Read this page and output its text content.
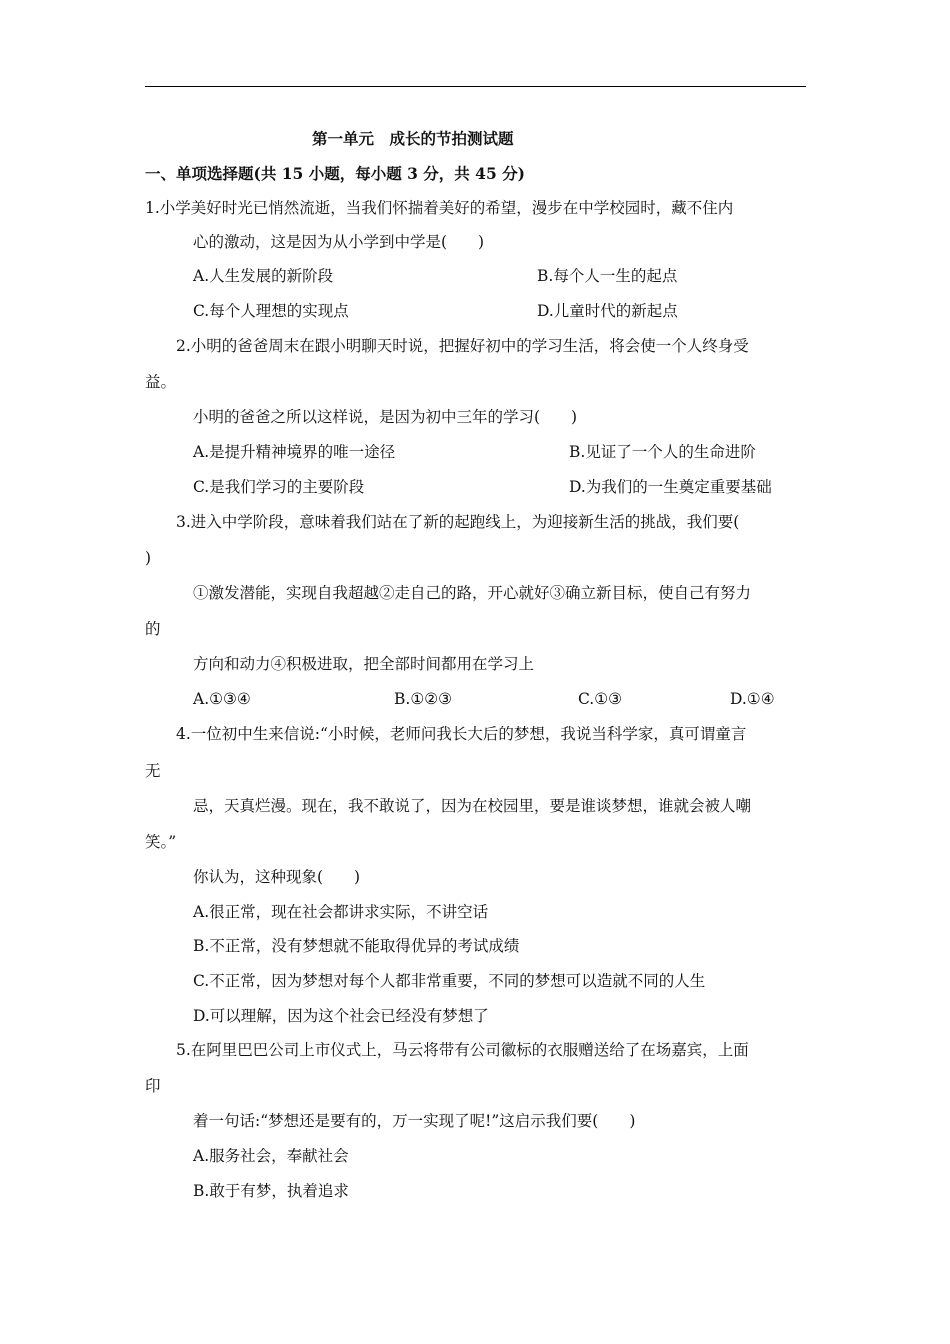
第一单元　成长的节拍测试题
一、单项选择题(共 15 小题，每小题 3 分，共 45 分)
1.小学美好时光已悄然流逝，当我们怀揣着美好的希望，漫步在中学校园时，藏不住内
心的激动，这是因为从小学到中学是(　　)
A.人生发展的新阶段	B.每个人一生的起点
C.每个人理想的实现点	D.儿童时代的新起点
2.小明的爸爸周末在跟小明聊天时说，把握好初中的学习生活，将会使一个人终身受
益。
小明的爸爸之所以这样说，是因为初中三年的学习(　　)
A.是提升精神境界的唯一途径	B.见证了一个人的生命进阶
C.是我们学习的主要阶段	D.为我们的一生奠定重要基础
3.进入中学阶段，意味着我们站在了新的起跑线上，为迎接新生活的挑战，我们要(
)
①激发潜能，实现自我超越②走自己的路，开心就好③确立新目标，使自己有努力
的
方向和动力④积极进取，把全部时间都用在学习上
A.①③④	B.①②③	C.①③	D.①④
4.一位初中生来信说:“小时候，老师问我长大后的梦想，我说当科学家，真可谓童言
无
忌，天真烂漫。现在，我不敢说了，因为在校园里，要是谁谈梦想，谁就会被人嘲
笑。”
你认为，这种现象(　　)
A.很正常，现在社会都讲求实际，不讲空话
B.不正常，没有梦想就不能取得优异的考试成绩
C.不正常，因为梦想对每个人都非常重要，不同的梦想可以造就不同的人生
D.可以理解，因为这个社会已经没有梦想了
5.在阿里巴巴公司上市仪式上，马云将带有公司徽标的衣服赠送给了在场嘉宾，上面
印
着一句话:“梦想还是要有的，万一实现了呢!”这启示我们要(　　)
A.服务社会，奉献社会
B.敢于有梦，执着追求
